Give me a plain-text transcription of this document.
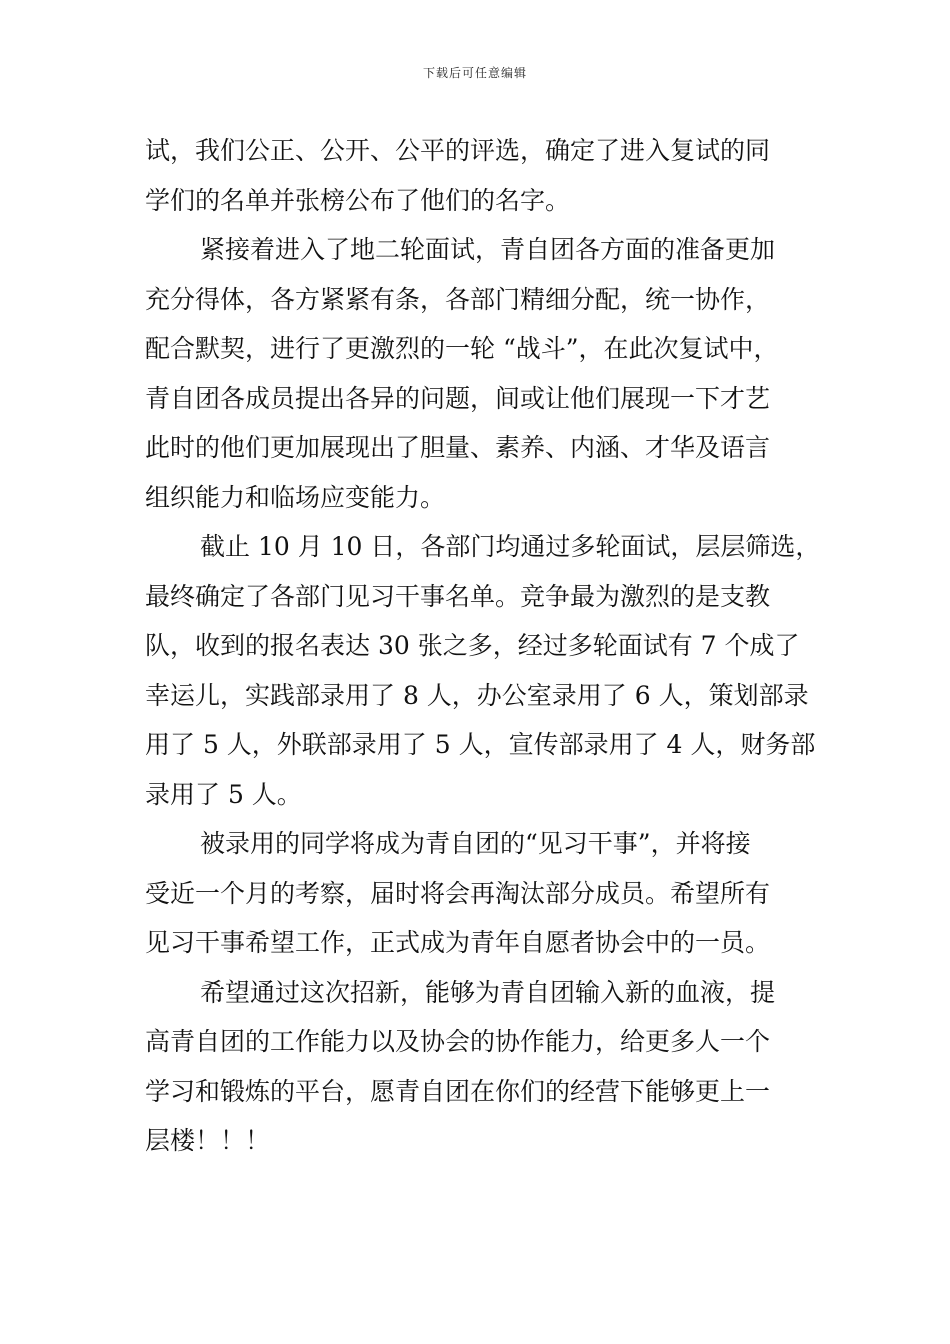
下载后可任意编辑
试，我们公正、公开、公平的评选，确定了进入复试的同
学们的名单并张榜公布了他们的名字。
紧接着进入了地二轮面试，青自团各方面的准备更加
充分得体，各方紧紧有条，各部门精细分配，统一协作，
配合默契，进行了更激烈的一轮 “战斗”，在此次复试中，
青自团各成员提出各异的问题，间或让他们展现一下才艺
此时的他们更加展现出了胆量、素养、内涵、才华及语言
组织能力和临场应变能力。
截止 10 月 10 日，各部门均通过多轮面试，层层筛选，
最终确定了各部门见习干事名单。竞争最为激烈的是支教
队，收到的报名表达 30 张之多，经过多轮面试有 7 个成了
幸运儿，实践部录用了 8 人，办公室录用了 6 人，策划部录
用了 5 人，外联部录用了 5 人，宣传部录用了 4 人，财务部
录用了 5 人。
被录用的同学将成为青自团的“见习干事”，并将接
受近一个月的考察，届时将会再淘汰部分成员。希望所有
见习干事希望工作，正式成为青年自愿者协会中的一员。
希望通过这次招新，能够为青自团输入新的血液，提
高青自团的工作能力以及协会的协作能力，给更多人一个
学习和锻炼的平台，愿青自团在你们的经营下能够更上一
层楼！！！
